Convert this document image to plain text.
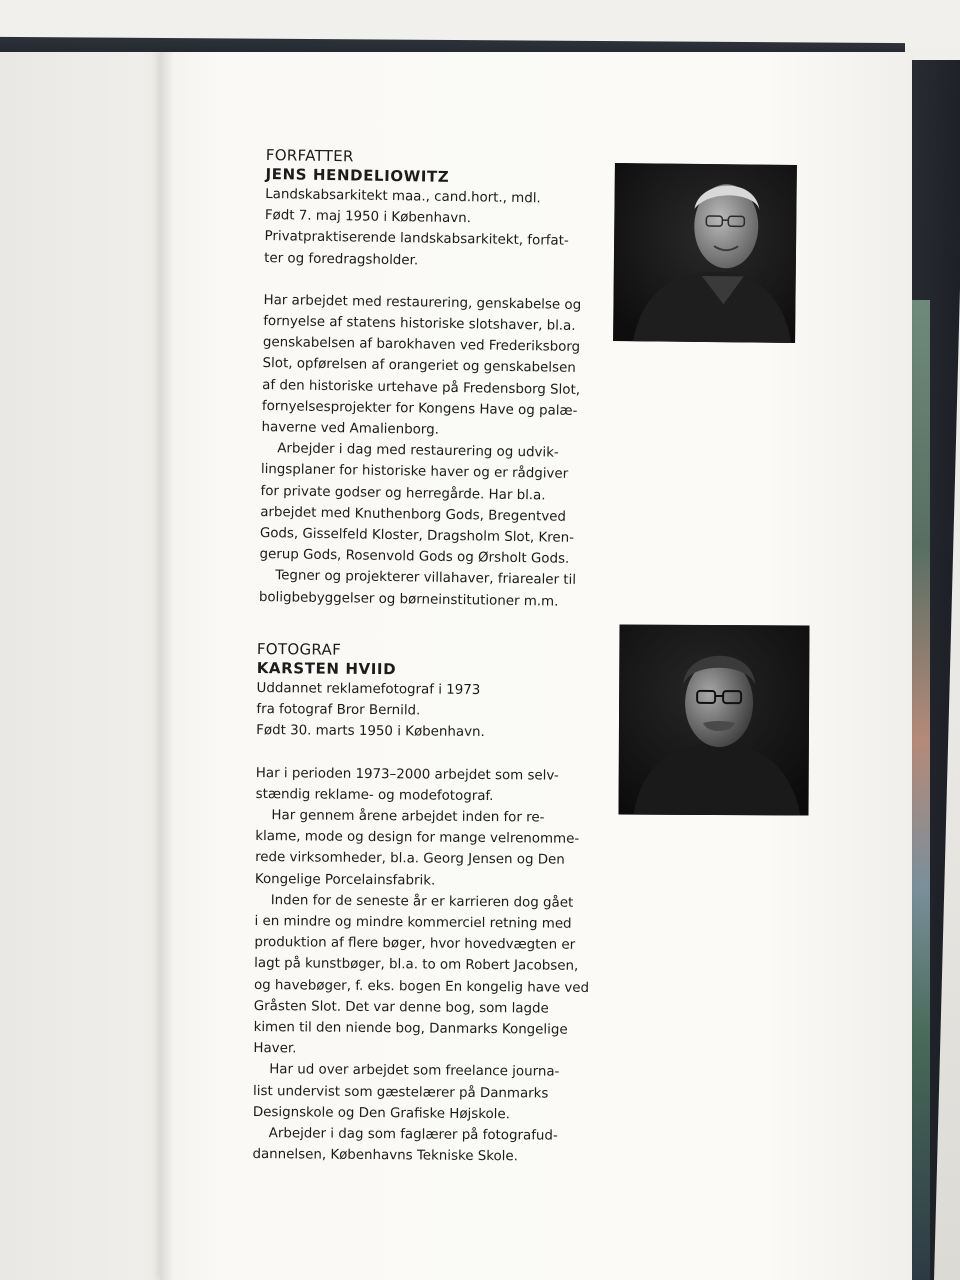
FORFATTER
JENS HENDELIOWITZ
Landskabsarkitekt maa., cand.hort., mdl.
Født 7. maj 1950 i København.
Privatpraktiserende landskabsarkitekt, forfat-
ter og foredragsholder.
Har arbejdet med restaurering, genskabelse og
fornyelse af statens historiske slotshaver, bl.a.
genskabelsen af barokhaven ved Frederiksborg
Slot, opførelsen af orangeriet og genskabelsen
af den historiske urtehave på Fredensborg Slot,
fornyelsesprojekter for Kongens Have og palæ-
haverne ved Amalienborg.
Arbejder i dag med restaurering og udvik-
lingsplaner for historiske haver og er rådgiver
for private godser og herregårde. Har bl.a.
arbejdet med Knuthenborg Gods, Bregentved
Gods, Gisselfeld Kloster, Dragsholm Slot, Kren-
gerup Gods, Rosenvold Gods og Ørsholt Gods.
Tegner og projekterer villahaver, friarealer til
boligbebyggelser og børneinstitutioner m.m.
FOTOGRAF
KARSTEN HVIID
Uddannet reklamefotograf i 1973
fra fotograf Bror Bernild.
Født 30. marts 1950 i København.
Har i perioden 1973–2000 arbejdet som selv-
stændig reklame- og modefotograf.
Har gennem årene arbejdet inden for re-
klame, mode og design for mange velrenomme-
rede virksomheder, bl.a. Georg Jensen og Den
Kongelige Porcelainsfabrik.
Inden for de seneste år er karrieren dog gået
i en mindre og mindre kommerciel retning med
produktion af flere bøger, hvor hovedvægten er
lagt på kunstbøger, bl.a. to om Robert Jacobsen,
og havebøger, f. eks. bogen En kongelig have ved
Gråsten Slot. Det var denne bog, som lagde
kimen til den niende bog, Danmarks Kongelige
Haver.
Har ud over arbejdet som freelance journa-
list undervist som gæstelærer på Danmarks
Designskole og Den Grafiske Højskole.
Arbejder i dag som faglærer på fotografud-
dannelsen, Københavns Tekniske Skole.
